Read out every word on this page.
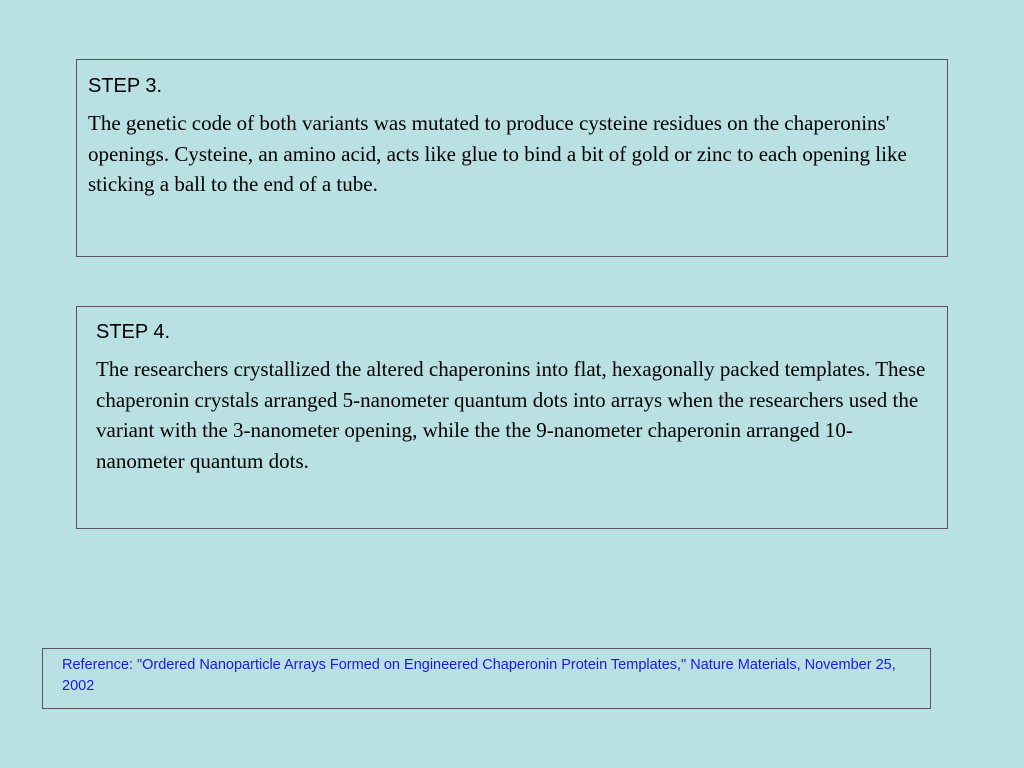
STEP 3.

The genetic code of both variants was mutated to produce cysteine residues on the chaperonins' openings. Cysteine, an amino acid, acts like glue to bind a bit of gold or zinc to each opening like sticking a ball to the end of a tube.

STEP 4.

The researchers crystallized the altered chaperonins into flat, hexagonally packed templates. These chaperonin crystals arranged 5-nanometer quantum dots into arrays when the researchers used the variant with the 3-nanometer opening, while the the 9-nanometer chaperonin arranged 10-nanometer quantum dots.

Reference: "Ordered Nanoparticle Arrays Formed on Engineered Chaperonin Protein Templates," Nature Materials, November 25, 2002
